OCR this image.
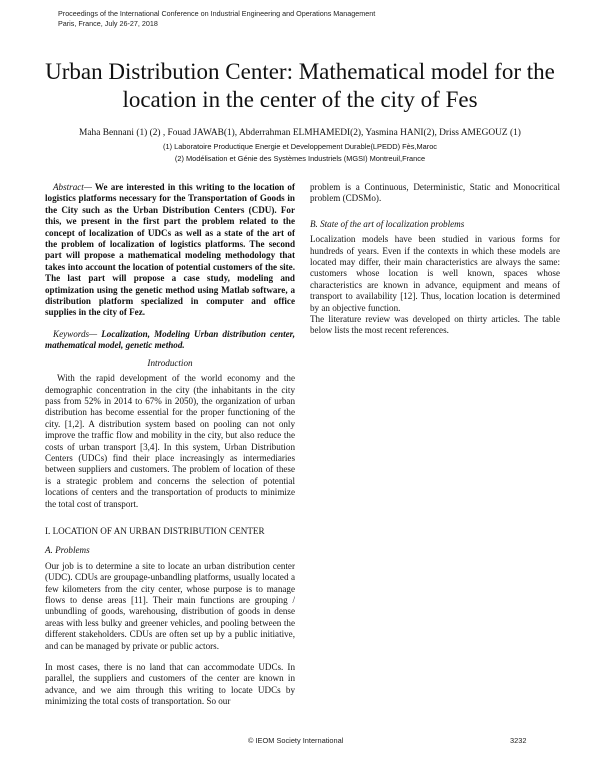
Proceedings of the International Conference on Industrial Engineering and Operations Management
Paris, France, July 26-27, 2018
Urban Distribution Center: Mathematical model for the location in the center of the city of Fes
Maha Bennani (1) (2) , Fouad JAWAB(1), Abderrahman ELMHAMEDI(2), Yasmina HANI(2), Driss AMEGOUZ (1)
(1) Laboratoire Productique Energie et Developpement Durable(LPEDD) Fès,Maroc
(2) Modélisation et Génie des Systèmes Industriels (MGSI) Montreuil,France

Abstract— We are interested in this writing to the location of logistics platforms necessary for the Transportation of Goods in the City such as the Urban Distribution Centers (CDU). For this, we present in the first part the problem related to the concept of localization of UDCs as well as a state of the art of the problem of localization of logistics platforms. The second part will propose a mathematical modeling methodology that takes into account the location of potential customers of the site. The last part will propose a case study, modeling and optimization using the genetic method using Matlab software, a distribution platform specialized in computer and office supplies in the city of Fez.

Keywords— Localization, Modeling Urban distribution center, mathematical model, genetic method.

Introduction

With the rapid development of the world economy and the demographic concentration in the city (the inhabitants in the city pass from 52% in 2014 to 67% in 2050), the organization of urban distribution has become essential for the proper functioning of the city. [1,2]. A distribution system based on pooling can not only improve the traffic flow and mobility in the city, but also reduce the costs of urban transport [3,4]. In this system, Urban Distribution Centers (UDCs) find their place increasingly as intermediaries between suppliers and customers. The problem of location of these is a strategic problem and concerns the selection of potential locations of centers and the transportation of products to minimize the total cost of transport.

I. LOCATION OF AN URBAN DISTRIBUTION CENTER

A. Problems

Our job is to determine a site to locate an urban distribution center (UDC). CDUs are groupage-unbandling platforms, usually located a few kilometers from the city center, whose purpose is to manage flows to dense areas [11]. Their main functions are grouping / unbundling of goods, warehousing, distribution of goods in dense areas with less bulky and greener vehicles, and pooling between the different stakeholders. CDUs are often set up by a public initiative, and can be managed by private or public actors.

In most cases, there is no land that can accommodate UDCs. In parallel, the suppliers and customers of the center are known in advance, and we aim through this writing to locate UDCs by minimizing the total costs of transportation. So our

problem is a Continuous, Deterministic, Static and Monocritical problem (CDSMo).

B. State of the art of localization problems

Localization models have been studied in various forms for hundreds of years. Even if the contexts in which these models are located may differ, their main characteristics are always the same: customers whose location is well known, spaces whose characteristics are known in advance, equipment and means of transport to availability [12]. Thus, location location is determined by an objective function.

The literature review was developed on thirty articles. The table below lists the most recent references.

© IEOM Society International	3232
